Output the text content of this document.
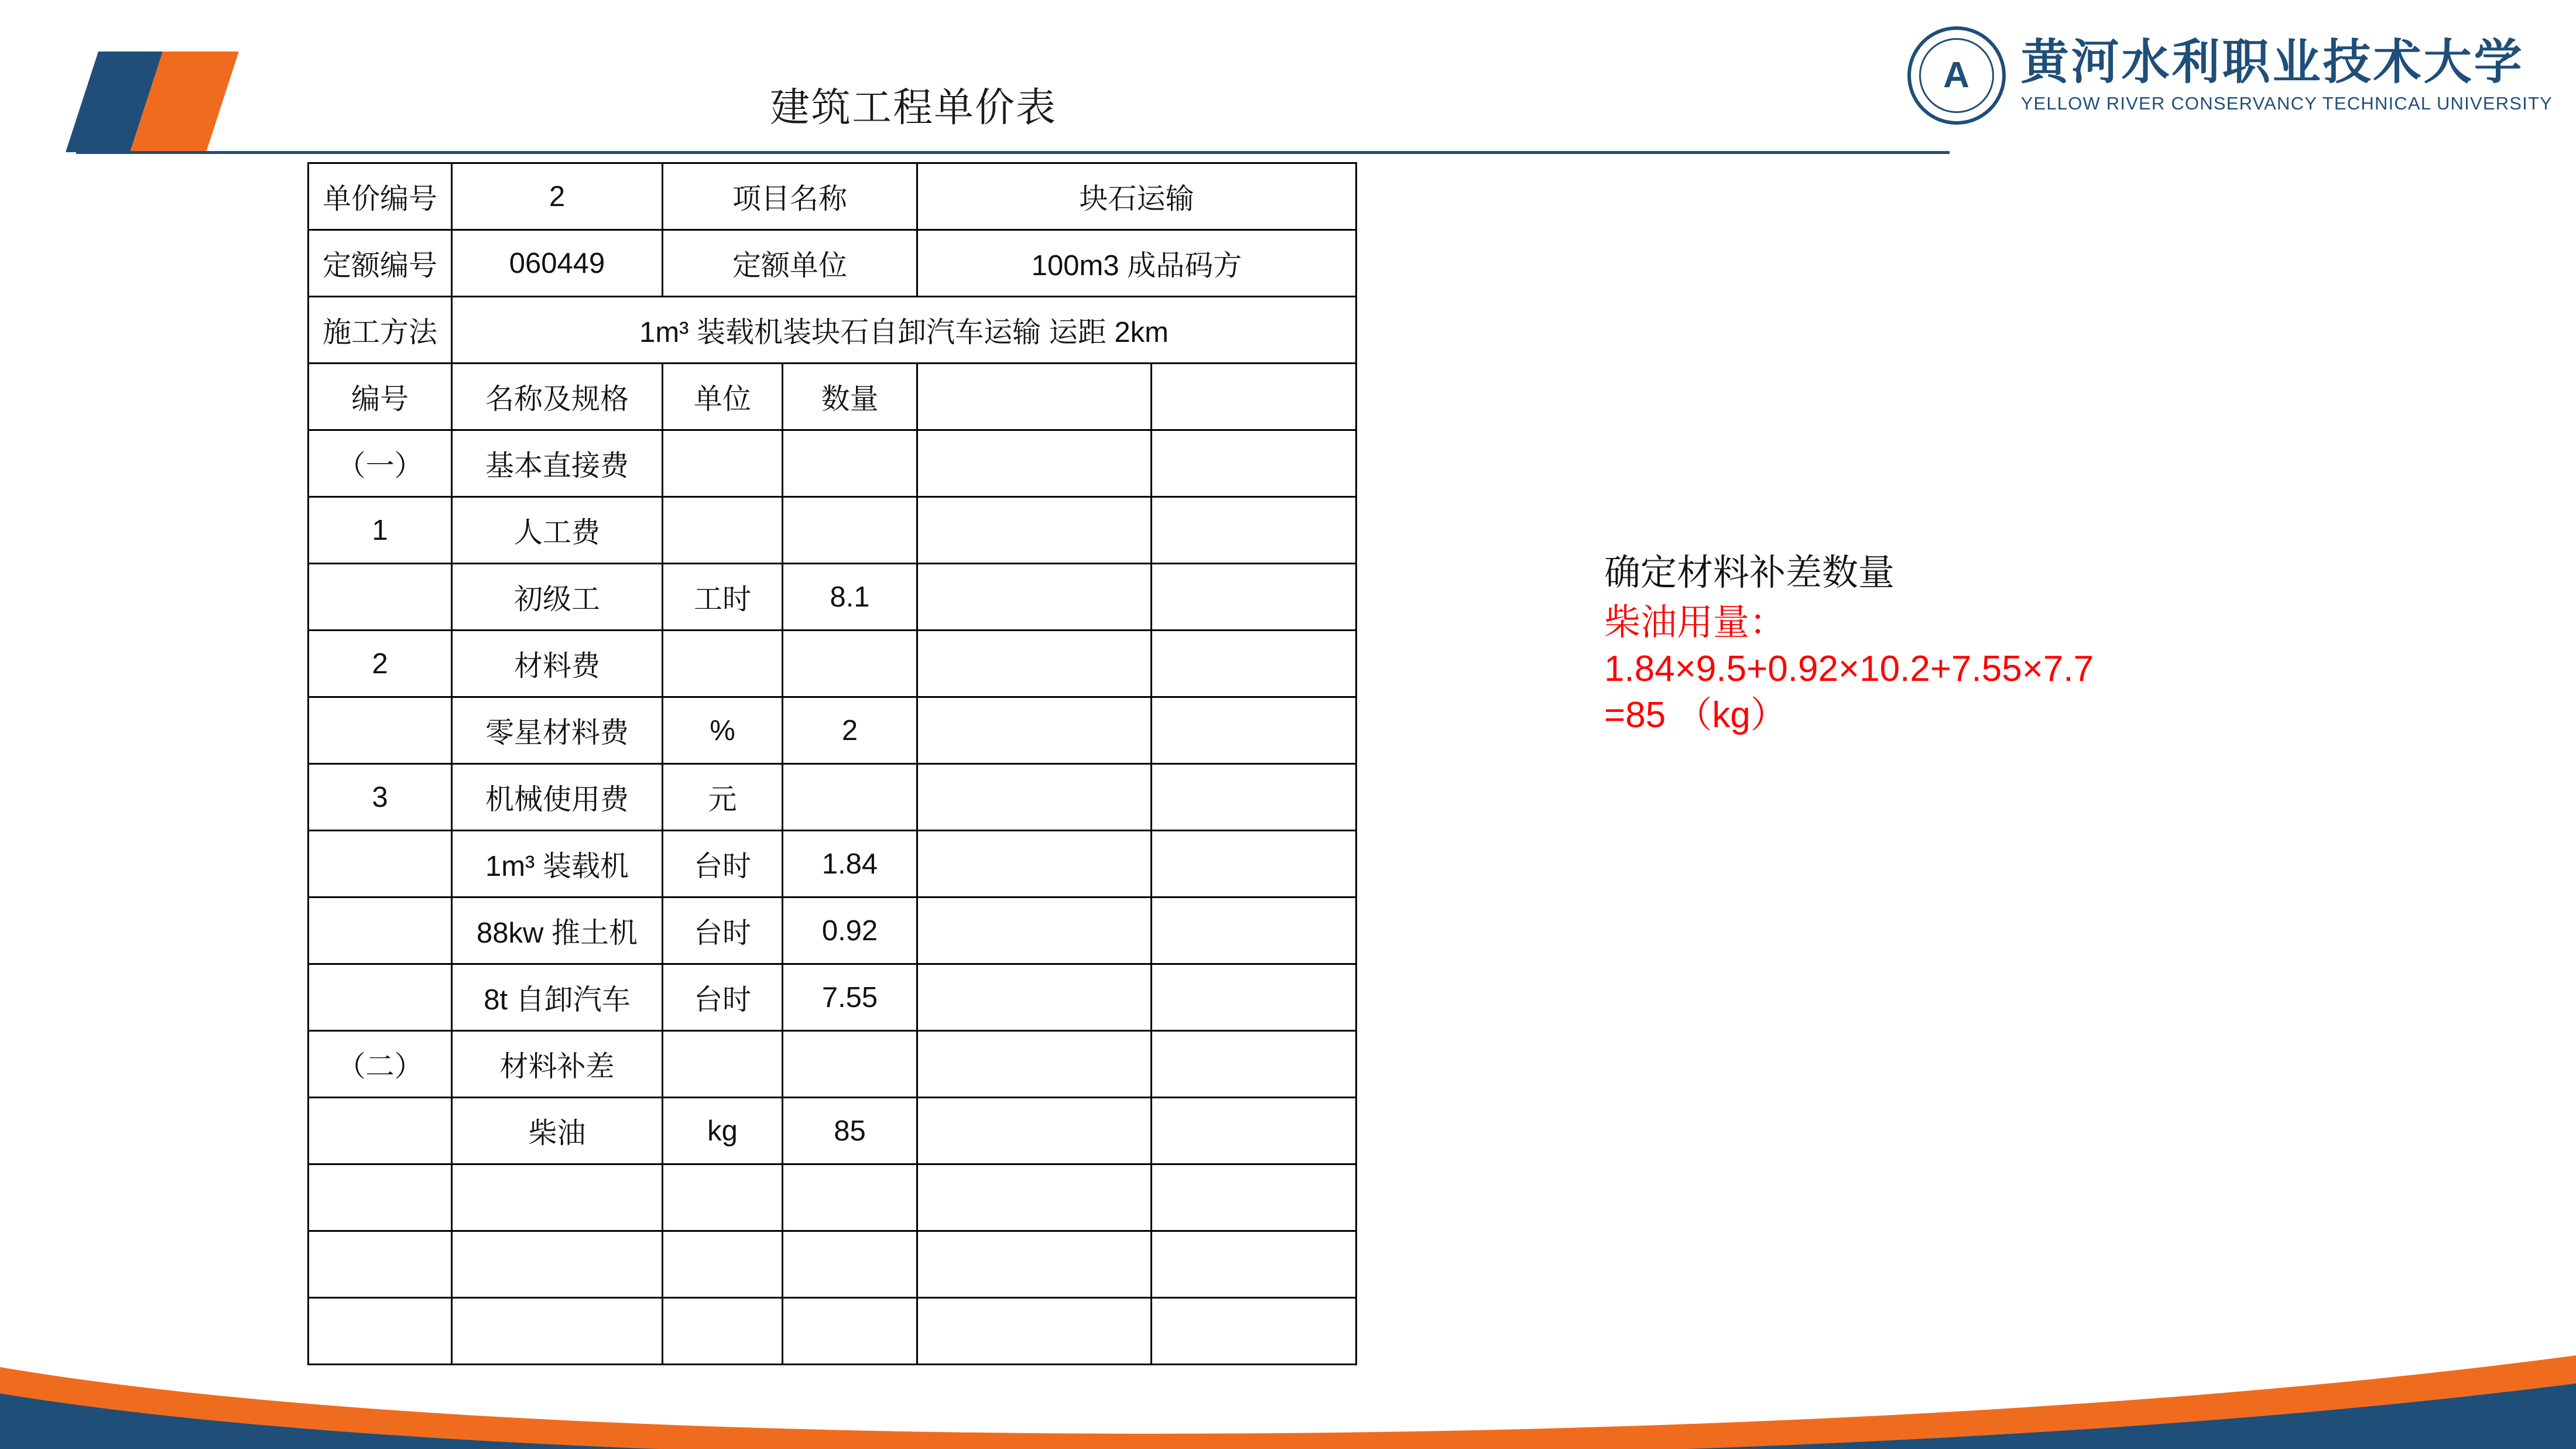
建筑工程单价表
A 黄河水利职业技术大学
YELLOW RIVER CONSERVANCY TECHNICAL UNIVERSITY
单价编号	2	项目名称		块石运输	
定额编号	060449	定额单位		100m3 成品码方	
施工方法	1m³ 装载机装块石自卸汽车运输 运距 2km				
编号	名称及规格	单位	数量		
（一）	基本直接费				
1	人工费				
	初级工	工时	8.1		
2	材料费				
	零星材料费	%	2		
3	机械使用费	元			
	1m³ 装载机	台时	1.84		
	88kw 推土机	台时	0.92		
	8t 自卸汽车	台时	7.55		
（二）	材料补差				
	柴油	kg	85		

确定材料补差数量
柴油用量：
1.84×9.5+0.92×10.2+7.55×7.7
=85 （kg）
